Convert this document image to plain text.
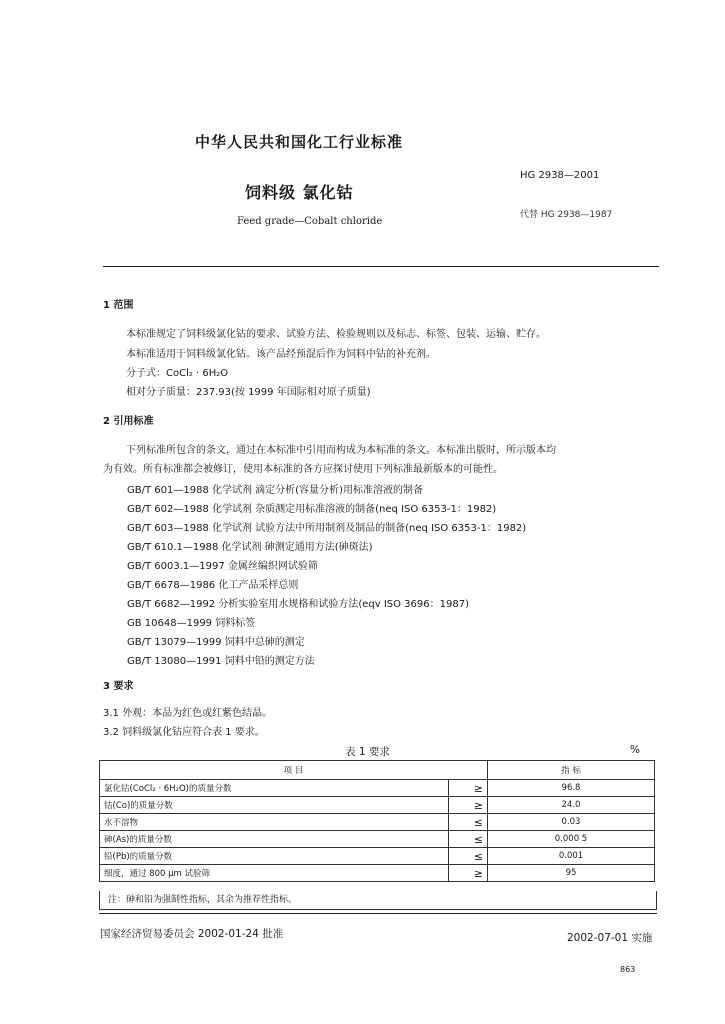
中华人民共和国化工行业标准
HG 2938—2001
饲料级 氯化钴
代替 HG 2938—1987
Feed grade—Cobalt chloride
1 范围
本标准规定了饲料级氯化钴的要求、试验方法、检验规则以及标志、标签、包装、运输、贮存。
本标准适用于饲料级氯化钴。该产品经预混后作为饲料中钴的补充剂。
分子式：CoCl₂ · 6H₂O
相对分子质量：237.93(按 1999 年国际相对原子质量)
2 引用标准
下列标准所包含的条文，通过在本标准中引用而构成为本标准的条文。本标准出版时，所示版本均
为有效。所有标准都会被修订，使用本标准的各方应探讨使用下列标准最新版本的可能性。
GB/T 601—1988 化学试剂 滴定分析(容量分析)用标准溶液的制备
GB/T 602—1988 化学试剂 杂质测定用标准溶液的制备(neq ISO 6353-1：1982)
GB/T 603—1988 化学试剂 试验方法中所用制剂及制品的制备(neq ISO 6353-1：1982)
GB/T 610.1—1988 化学试剂 砷测定通用方法(砷斑法)
GB/T 6003.1—1997 金属丝编织网试验筛
GB/T 6678—1986 化工产品采样总则
GB/T 6682—1992 分析实验室用水规格和试验方法(eqv ISO 3696：1987)
GB 10648—1999 饲料标签
GB/T 13079—1999 饲料中总砷的测定
GB/T 13080—1991 饲料中铅的测定方法
3 要求
3.1 外观：本品为红色或红紫色结晶。
3.2 饲料级氯化钴应符合表 1 要求。
表 1 要求	%
项 目		指 标
氯化钴(CoCl₂ · 6H₂O)的质量分数	≥	96.8
钴(Co)的质量分数	≥	24.0
水不溶物	≤	0.03
砷(As)的质量分数	≤	0.000 5
铅(Pb)的质量分数	≤	0.001
细度，通过 800 μm 试验筛	≥	95
注：砷和铅为强制性指标，其余为推荐性指标。
国家经济贸易委员会 2002-01-24 批准	2002-07-01 实施
863
